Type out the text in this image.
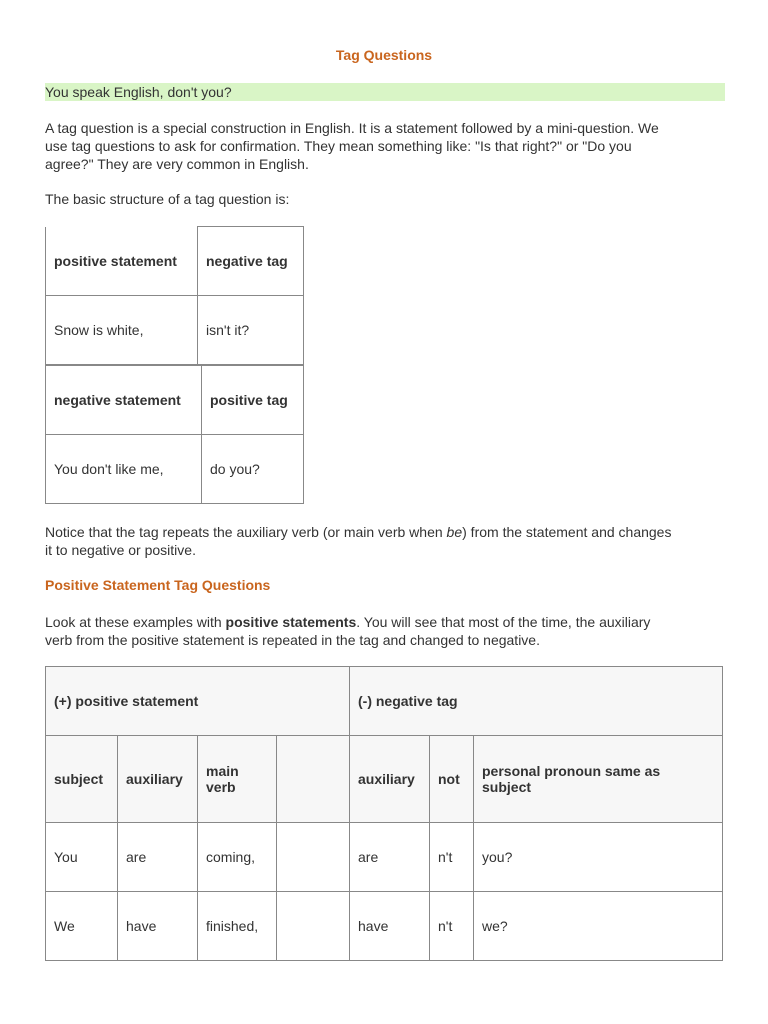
Tag Questions
You speak English, don't you?
A tag question is a special construction in English. It is a statement followed by a mini-question. We
use tag questions to ask for confirmation. They mean something like: "Is that right?" or "Do you
agree?" They are very common in English.
The basic structure of a tag question is:
positive statement	negative tag
Snow is white,	isn't it?
negative statement	positive tag
You don't like me,	do you?
Notice that the tag repeats the auxiliary verb (or main verb when be) from the statement and changes
it to negative or positive.
Positive Statement Tag Questions
Look at these examples with positive statements. You will see that most of the time, the auxiliary
verb from the positive statement is repeated in the tag and changed to negative.
(+) positive statement				(-) negative tag		
subject	auxiliary	main verb		auxiliary	not	personal pronoun same as subject

You	are	coming,		are	n't	you?
We	have	finished,		have	n't	we?
